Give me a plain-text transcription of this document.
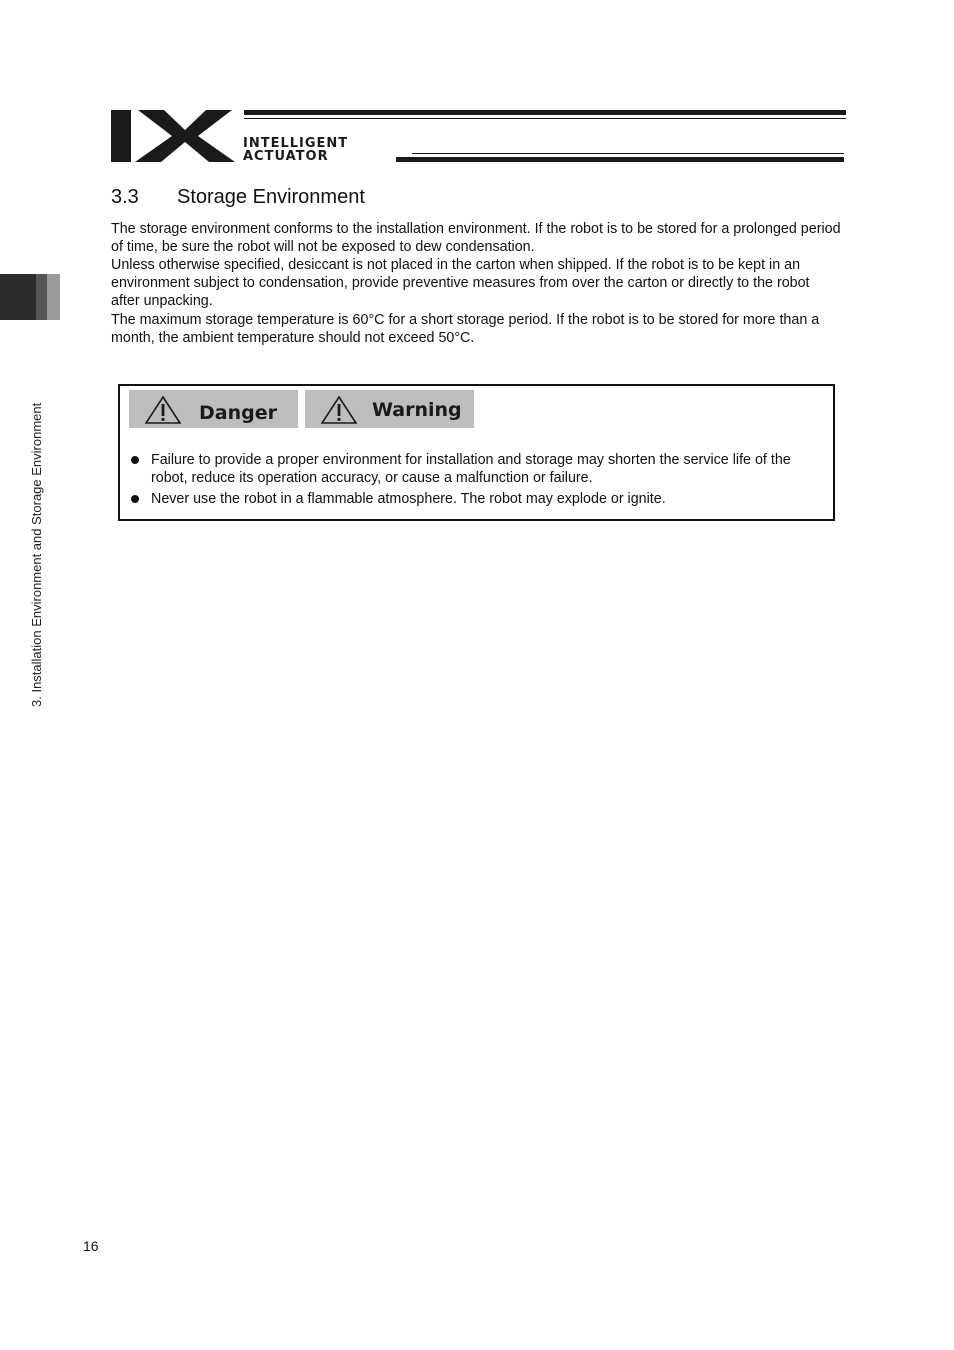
INTELLIGENT
ACTUATOR
3. Installation Environment and Storage Environment
3.3 Storage Environment

The storage environment conforms to the installation environment. If the robot is to be stored for a prolonged period of time, be sure the robot will not be exposed to dew condensation.

Unless otherwise specified, desiccant is not placed in the carton when shipped. If the robot is to be kept in an environment subject to condensation, provide preventive measures from over the carton or directly to the robot after unpacking.

The maximum storage temperature is 60°C for a short storage period. If the robot is to be stored for more than a month, the ambient temperature should not exceed 50°C.

Danger	Warning
Failure to provide a proper environment for installation and storage may shorten the service life of the robot, reduce its operation accuracy, or cause a malfunction or failure.
Never use the robot in a flammable atmosphere. The robot may explode or ignite.
16
